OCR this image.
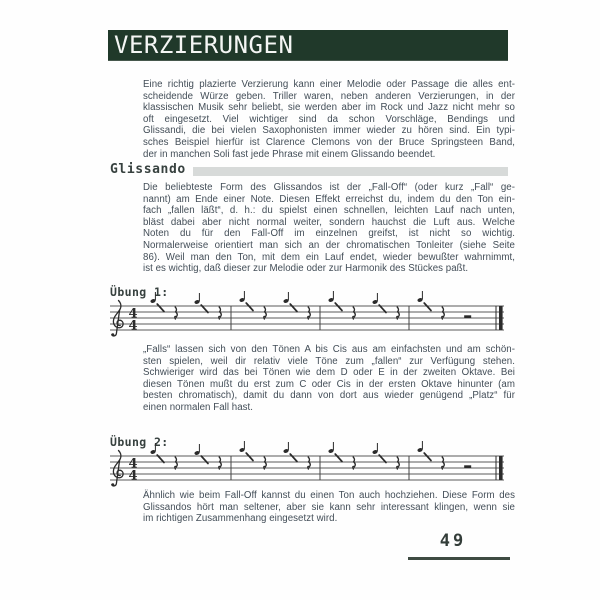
VERZIERUNGEN
Eine richtig plazierte Verzierung kann einer Melodie oder Passage die alles ent-
scheidende Würze geben. Triller waren, neben anderen Verzierungen, in der
klassischen Musik sehr beliebt, sie werden aber im Rock und Jazz nicht mehr so
oft eingesetzt. Viel wichtiger sind da schon Vorschläge, Bendings und
Glissandi, die bei vielen Saxophonisten immer wieder zu hören sind. Ein typi-
sches Beispiel hierfür ist Clarence Clemons von der Bruce Springsteen Band,
der in manchen Soli fast jede Phrase mit einem Glissando beendet.
Glissando
Die beliebteste Form des Glissandos ist der „Fall-Off“ (oder kurz „Fall“ ge-
nannt) am Ende einer Note. Diesen Effekt erreichst du, indem du den Ton ein-
fach „fallen läßt“, d. h.: du spielst einen schnellen, leichten Lauf nach unten,
bläst dabei aber nicht normal weiter, sondern hauchst die Luft aus. Welche
Noten du für den Fall-Off im einzelnen greifst, ist nicht so wichtig.
Normalerweise orientiert man sich an der chromatischen Tonleiter (siehe Seite
86). Weil man den Ton, mit dem ein Lauf endet, wieder bewußter wahrnimmt,
ist es wichtig, daß dieser zur Melodie oder zur Harmonik des Stückes paßt.
Übung 1:
4
4
„Falls“ lassen sich von den Tönen A bis Cis aus am einfachsten und am schön-
sten spielen, weil dir relativ viele Töne zum „fallen“ zur Verfügung stehen.
Schwieriger wird das bei Tönen wie dem D oder E in der zweiten Oktave. Bei
diesen Tönen mußt du erst zum C oder Cis in der ersten Oktave hinunter (am
besten chromatisch), damit du dann von dort aus wieder genügend „Platz“ für
einen normalen Fall hast.
Übung 2:
4
4
Ähnlich wie beim Fall-Off kannst du einen Ton auch hochziehen. Diese Form des
Glissandos hört man seltener, aber sie kann sehr interessant klingen, wenn sie
im richtigen Zusammenhang eingesetzt wird.
49
